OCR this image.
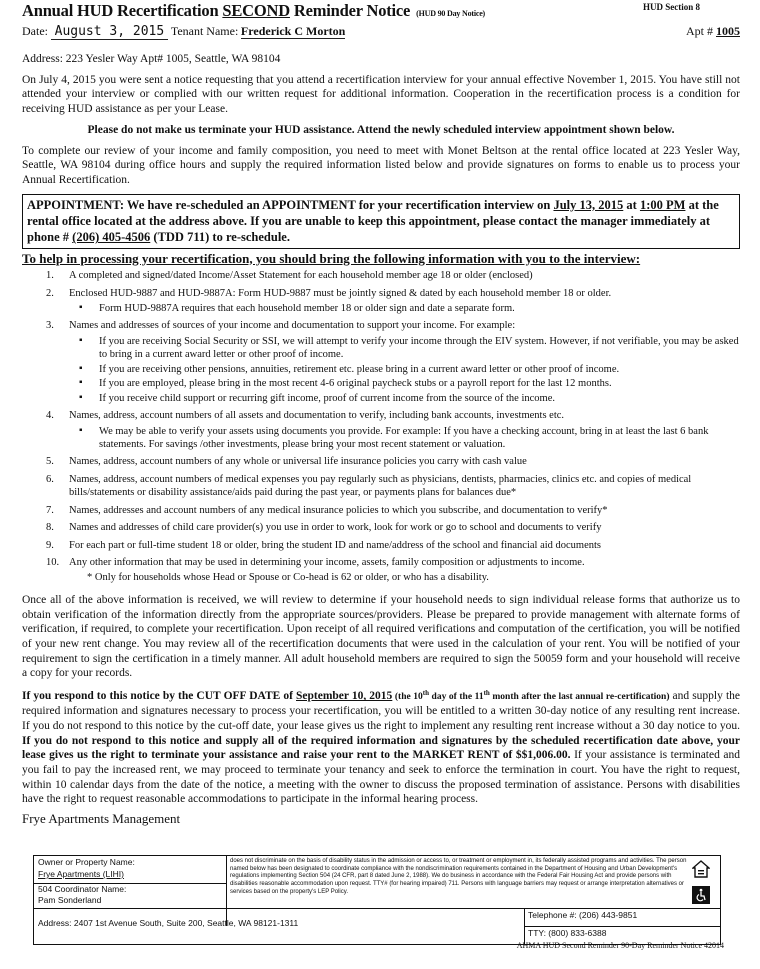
Annual HUD Recertification SECOND Reminder Notice (HUD 90 Day Notice)
HUD Section 8
Date: August 3, 2015 Tenant Name: Frederick C Morton	Apt # 1005
Address: 223 Yesler Way Apt# 1005, Seattle, WA 98104

On July 4, 2015 you were sent a notice requesting that you attend a recertification interview for your annual effective November 1, 2015. You have still not attended your interview or complied with our written request for additional information. Cooperation in the recertification process is a condition for receiving HUD assistance as per your Lease.

Please do not make us terminate your HUD assistance. Attend the newly scheduled interview appointment shown below.

To complete our review of your income and family composition, you need to meet with Monet Beltson at the rental office located at 223 Yesler Way, Seattle, WA 98104 during office hours and supply the required information listed below and provide signatures on forms to enable us to process your Annual Recertification.

APPOINTMENT: We have re-scheduled an APPOINTMENT for your recertification interview on July 13, 2015 at 1:00 PM at the rental office located at the address above. If you are unable to keep this appointment, please contact the manager immediately at phone # (206) 405-4506 (TDD 711) to re-schedule.
To help in processing your recertification, you should bring the following information with you to the interview:
1. A completed and signed/dated Income/Asset Statement for each household member age 18 or older (enclosed)
2. Enclosed HUD-9887 and HUD-9887A: Form HUD-9887 must be jointly signed & dated by each household member 18 or older.
▪ Form HUD-9887A requires that each household member 18 or older sign and date a separate form.
3. Names and addresses of sources of your income and documentation to support your income. For example:
▪ If you are receiving Social Security or SSI, we will attempt to verify your income through the EIV system. However, if not verifiable, you may be asked to bring in a current award letter or other proof of income.
▪ If you are receiving other pensions, annuities, retirement etc. please bring in a current award letter or other proof of income.
▪ If you are employed, please bring in the most recent 4-6 original paycheck stubs or a payroll report for the last 12 months.
▪ If you receive child support or recurring gift income, proof of current income from the source of the income.
4. Names, address, account numbers of all assets and documentation to verify, including bank accounts, investments etc.
▪ We may be able to verify your assets using documents you provide. For example: If you have a checking account, bring in at least the last 6 bank statements. For savings /other investments, please bring your most recent statement or valuation.
5. Names, address, account numbers of any whole or universal life insurance policies you carry with cash value
6. Names, address, account numbers of medical expenses you pay regularly such as physicians, dentists, pharmacies, clinics etc. and copies of medical bills/statements or disability assistance/aids paid during the past year, or payments plans for balances due*
7. Names, addresses and account numbers of any medical insurance policies to which you subscribe, and documentation to verify*
8. Names and addresses of child care provider(s) you use in order to work, look for work or go to school and documents to verify
9. For each part or full-time student 18 or older, bring the student ID and name/address of the school and financial aid documents
10. Any other information that may be used in determining your income, assets, family composition or adjustments to income.
* Only for households whose Head or Spouse or Co-head is 62 or older, or who has a disability.
Once all of the above information is received, we will review to determine if your household needs to sign individual release forms that authorize us to obtain verification of the information directly from the appropriate sources/providers. Please be prepared to provide management with alternate forms of verification, if required, to complete your recertification. Upon receipt of all required verifications and computation of the certification, you will be notified of your new rent change. You may review all of the recertification documents that were used in the calculation of your rent. You will be notified of your requirement to sign the certification in a timely manner. All adult household members are required to sign the 50059 form and your household will receive a copy for your records.
If you respond to this notice by the CUT OFF DATE of September 10, 2015 (the 10th day of the 11th month after the last annual re-certification) and supply the required information and signatures necessary to process your recertification, you will be entitled to a written 30-day notice of any resulting rent increase. If you do not respond to this notice by the cut-off date, your lease gives us the right to implement any resulting rent increase without a 30 day notice to you. If you do not respond to this notice and supply all of the required information and signatures by the scheduled recertification date above, your lease gives us the right to terminate your assistance and raise your rent to the MARKET RENT of $$1,006.00. If your assistance is terminated and you fail to pay the increased rent, we may proceed to terminate your tenancy and seek to enforce the termination in court. You have the right to request, within 10 calendar days from the date of the notice, a meeting with the owner to discuss the proposed termination of assistance. Persons with disabilities have the right to request reasonable accommodations to participate in the informal hearing process.
Frye Apartments Management
Owner or Property Name:
Frye Apartments (LIHI)
504 Coordinator Name:
Pam Sonderland
Address: 2407 1st Avenue South, Suite 200, Seattle, WA 98121-1311
does not discriminate on the basis of disability status in the admission or access to, or treatment or employment in, its federally assisted programs and activities. The person named below has been designated to coordinate compliance with the nondiscrimination requirements contained in the Department of Housing and Urban Development's regulations implementing Section 504 (24 CFR, part 8 dated June 2, 1988). We do business in accordance with the Federal Fair Housing Act and provide persons with disabilities reasonable accommodation upon request. TTY# (for hearing impaired) 711. Persons with language barriers may request or arrange interpretation alternatives or services based on the property's LEP Policy.
Telephone #: (206) 443-9851
TTY: (800) 833-6388
AHMA HUD Second Reminder 90-Day Reminder Notice 42014
